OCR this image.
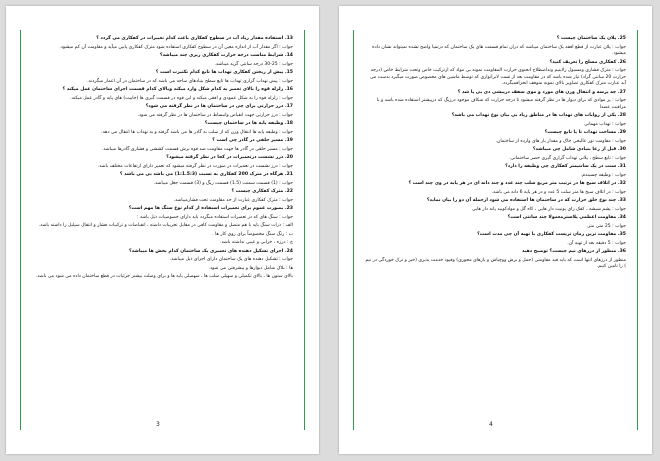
13. استفاده مقدار زیاد آب در سطوح کفکاری باعث کدام تغییرات در کفکاری می گردد ؟

جواب : اگر مقدار آب از اندازه معین آن در سطوح کفکاری استفاده شود مترک کفکاری پایین میآید و مقاومت آن کم میشود.

14. شرایط مناسب درجه حرارت کفکاری ریزی چند میباشد؟

جواب : 25-30 درجه سانتی گرید میباشد.

15. پیش از ریختن کفکاری تهداب ها تابع کدام تکثیرت است ؟

جواب : پیش تهداب گزاری تهداب ها تابع سطح بنیادهای ساحه می باشد که در ساختمان در آن اعمار میگردند.

16. زلزله قوه را بالای تعمیر به کدام شکل وارد میکند وبالای کدام قسمت اجزای ساختمان عمل میکند ؟

جواب : زلزله قوه را به شکل عمودی و افقی میکند و این قوه در قسمت گیری ها (جاییت) های پایه و گادر عمل میکند.

17. درز حرارتی برای چی در ساختمان ها در نظر گرفته می شود؟

جواب : درز حرارتی جهت انقباض وانبساط در ساختمان ها در نظر گرفته می شود.

18. وظیفه پایه ها در ساختمان چیست؟

جواب : وظیفه پایه ها انتقال وزن که از سلب به گادر ها می باشد گرفته و به تهداب ها انتقال می دهد.

19. مسیر حلقی در گادر چی است ؟

جواب : مسیر حلقی در گادر ها جهت مقاومت ضد قوه برش قسمت کششی و فشاری گادرها میباشد.

20. درز نشست درتعمیرات در کجا در نظر گرفته میشود؟

جواب : درز نشست در تعمیرات در صورت در نظر گرفته میشود که تعمیر دارای ارتفاعات مختلف باشد.

21. هرگاه در مترک 200 کفکاری به نسبت (1:1.5:3) می باشد بی می باشد ؟

جواب : (1) قسمت سمنت (1.5) قسمت ریگ و (3) قسمت جغل میباشد.

22. مترک کفکاری چیست ؟

جواب : مترک کفکاری عبارت از حد مقاومت تحت فشارمیباشد.

23. بصورت عموم برای تعمیرات استفاده از کدام نوع سنگ ها مهم است؟

جواب : سنگ های که در تعمیرات استفاده میگردد باید دارای خصوصیات ذیل باشد :

الف : ذرات سنگ باید با هم متصل و مقاومت کافی در مقابل تخریبات داشته ، انقباضات و ترکیبات فشار و انتقال سیلیل را داشته باشد.

ب : رنگ سنگ مخصوصاً برای روی کار ها .

ج : درزه ، خرابی و عیبی نداشته باشد.

24. اجزای تشکیل دهنده های تعمیری یک ساختمان کدام بخش ها میباشد؟

جواب : تشکیل دهنده های یک ساختمان دارای اجزای ذیل میباشد.

ها : بلاک شامل دیوارها و پیشرفتی می شود.

بالای ستون ها ، بالای تکمیلی و سهیلی سلب ها ، سهمیلی پایه ها و برای وصلت بیشتر جزئیات در قطع ساختمان داده می شود می باشد.

3

25. پلان یک ساختمان چیست ؟

جواب : پلان عبارت از قطع افقه یک ساختمان میباشد که دران تمام قسمت های یک ساختمان که درتمیا واضح نشده نمیتواند نشان داده میشود.

26. کفکاری مسلح را تعریف کنید؟

جواب : مترک فشاری ومسیول رلایتیم ونداصطلاح انحنوی حرارت المقاومت نمونه بی مواد که ازترکیب خاص وتحت شرایط خاص (درجه حرارت 20 سانتی گراد) تیار شده باشد که در مقاومت بعد از تست لابراتواری که توسط ماشین های مخصوص صورت میگیرد بدست می آید عبارت مترک کفکاری تصاویر بالای نمونه متوقف انحرافمیگردد.

27. چه پرسه و انتقال وزن های مورد و موی سقف درپیشی دی بی پا شد ؟

جواب : پر موادی که برای دیوار ها در نظر گرفته میشود تا درجه حرارت که شکاف موجود درزیگ که درپیشتر استفاده شده باشد و با مراقبت عضدا

28. یکی از روایات های تهداب ها در مناطق زیاد بی بیان نوع تهداب می باشد؟

جواب : تهداب مهمانی

29. مساحت تهداب تا پا تابع چیست؟

جواب : مقاومت نور عالیحی خاک و مقدار بار های وارده از ساختمان.

30. قبل از رعا بنیادی شامل چی میباشد؟

جواب : تابع سطح ، پلانی تهداب گزاری گیری حصر ساختمانی.

31. سنت در یک سانتیمتر کفکاری چی وظیفه را دارد؟

جواب : وظیفه چسبندم.

32. در اتلاف سیخ ها در ترتیب متر مربع سلب چند عدد و چند دانه ای در هر پایه در وی چند است ؟

جواب : در اتلاف سیخ ها متر سلب 5 عدد و در هر پایه 6 دانه می باشد.

33. چند نوع خلق حرارت که در ساختمان ها استفاده می شود ازجمله آن دو را بیان نماید؟

جواب : پشم شیشه ، کفک زای یونیت دار هایی ، کاه گل و موادکوبید پانه دار هایی

34. مقاومت اعظمی پلاسترمعمولا چند سانتی است؟

جواب : 25 متی متر.

35. مقاومت ترین زمان تریست کفکاری یا تهیه آن چی مدت است؟

جواب : 5 دقیقه بعد از تهیه آن.

36. منظور از درزهای نیم چیست؟ توضیح دهید

منظور از درزهای انتها است که باید قید مفاومتی (حمل و برش ووچیاش و بارهای محوری) وقیود خدمت پذیری (خیز و ترک خوردگی در نیم ) را تامین کنیم.

4
